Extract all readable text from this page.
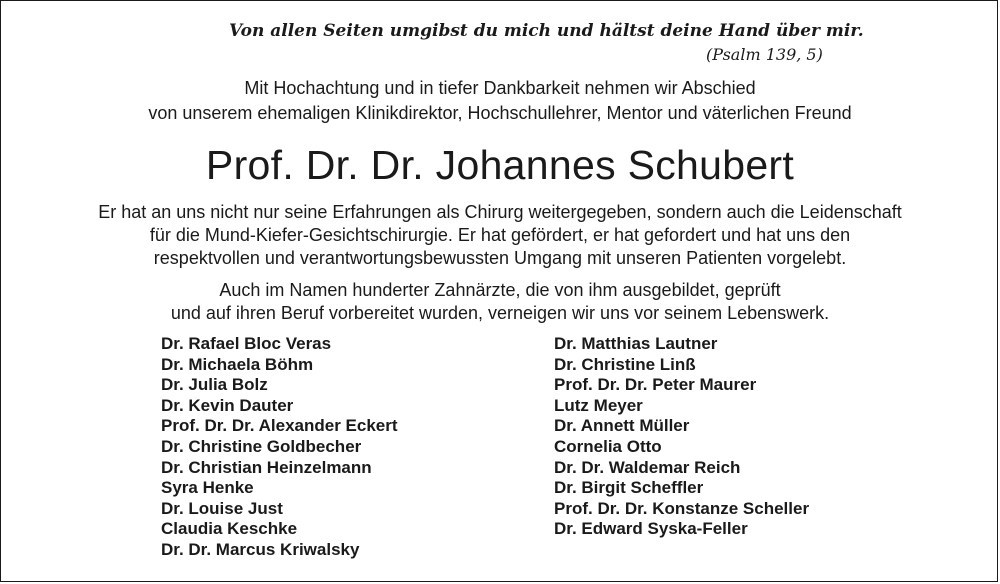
Von allen Seiten umgibst du mich und hältst deine Hand über mir.
(Psalm 139, 5)
Mit Hochachtung und in tiefer Dankbarkeit nehmen wir Abschied
von unserem ehemaligen Klinikdirektor, Hochschullehrer, Mentor und väterlichen Freund
Prof. Dr. Dr. Johannes Schubert
Er hat an uns nicht nur seine Erfahrungen als Chirurg weitergegeben, sondern auch die Leidenschaft
für die Mund-Kiefer-Gesichtschirurgie. Er hat gefördert, er hat gefordert und hat uns den
respektvollen und verantwortungsbewussten Umgang mit unseren Patienten vorgelebt.
Auch im Namen hunderter Zahnärzte, die von ihm ausgebildet, geprüft
und auf ihren Beruf vorbereitet wurden, verneigen wir uns vor seinem Lebenswerk.
Dr. Rafael Bloc Veras
Dr. Michaela Böhm
Dr. Julia Bolz
Dr. Kevin Dauter
Prof. Dr. Dr. Alexander Eckert
Dr. Christine Goldbecher
Dr. Christian Heinzelmann
Syra Henke
Dr. Louise Just
Claudia Keschke
Dr. Dr. Marcus Kriwalsky
Dr. Matthias Lautner
Dr. Christine Linß
Prof. Dr. Dr. Peter Maurer
Lutz Meyer
Dr. Annett Müller
Cornelia Otto
Dr. Dr. Waldemar Reich
Dr. Birgit Scheffler
Prof. Dr. Dr. Konstanze Scheller
Dr. Edward Syska-Feller
